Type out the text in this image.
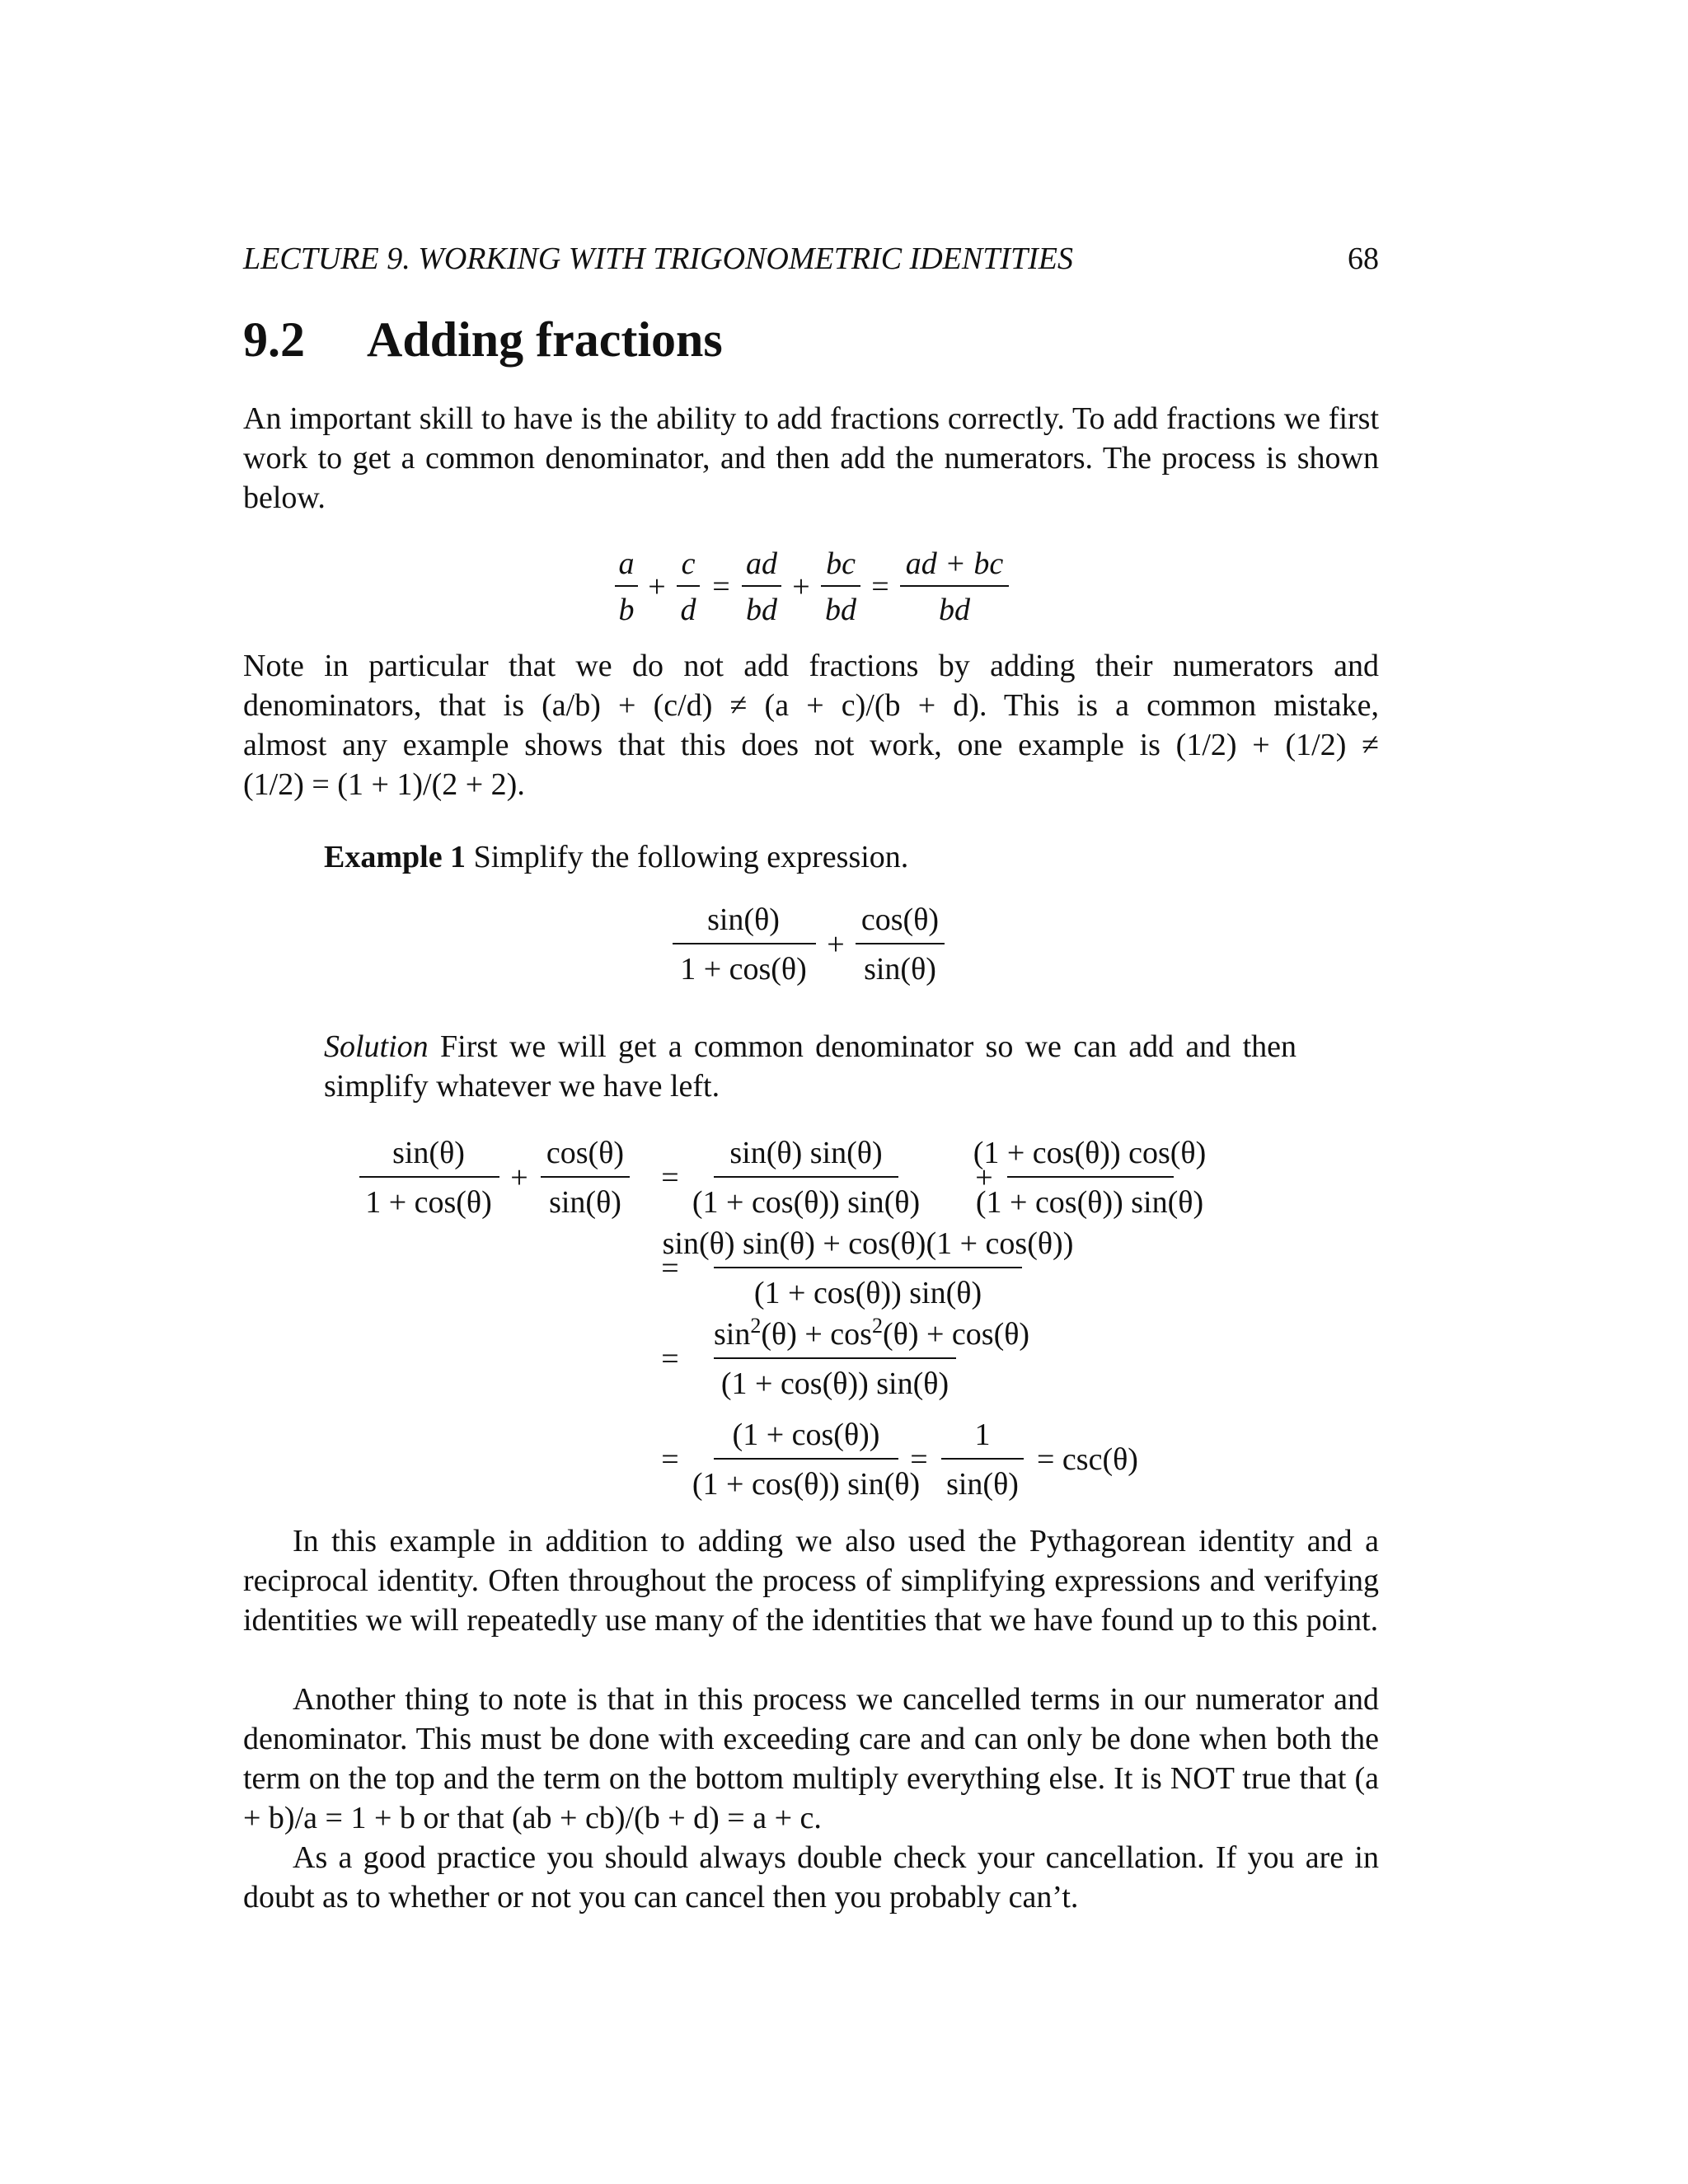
LECTURE 9. WORKING WITH TRIGONOMETRIC IDENTITIES	68
9.2 Adding fractions
An important skill to have is the ability to add fractions correctly. To add fractions we first work to get a common denominator, and then add the numerators. The process is shown below.
a
b d
c ad
bd
bc
bd
ad + bc
bd
+ = + =
Note in particular that we do not add fractions by adding their numerators and
denominators, that is (a/b) + (c/d) ≠ (a + c)/(b + d). This is a common mistake,
almost any example shows that this does not work, one example is (1/2) + (1/2) ≠
(1/2) = (1 + 1)/(2 + 2).
Example 1 Simplify the following expression.
sin(θ)
1 + cos(θ)
+
cos(θ)
sin(θ)
Solution First we will get a common denominator so we can add and then simplify whatever we have left.
sin(θ)
1 + cos(θ)
+
cos(θ)
sin(θ)
=
sin(θ) sin(θ)
(1 + cos(θ)) sin(θ)
+
(1 + cos(θ)) cos(θ)
(1 + cos(θ)) sin(θ)
=
sin(θ) sin(θ) + cos(θ)(1 + cos(θ))
(1 + cos(θ)) sin(θ)
=
$\sin^2(\theta) + \cos^2(\theta) + \cos(\theta)$
(1 + cos(θ)) sin(θ)
=
(1 + cos(θ))
(1 + cos(θ)) sin(θ)
=
1
sin(θ)
= csc(θ)
In this example in addition to adding we also used the Pythagorean identity and a reciprocal identity. Often throughout the process of simplifying expressions and verifying identities we will repeatedly use many of the identities that we have found up to this point.
Another thing to note is that in this process we cancelled terms in our numerator and denominator. This must be done with exceeding care and can only be done when both the term on the top and the term on the bottom multiply everything else. It is NOT true that (a + b)/a = 1 + b or that (ab + cb)/(b + d) = a + c.
As a good practice you should always double check your cancellation. If you are in doubt as to whether or not you can cancel then you probably can’t.
